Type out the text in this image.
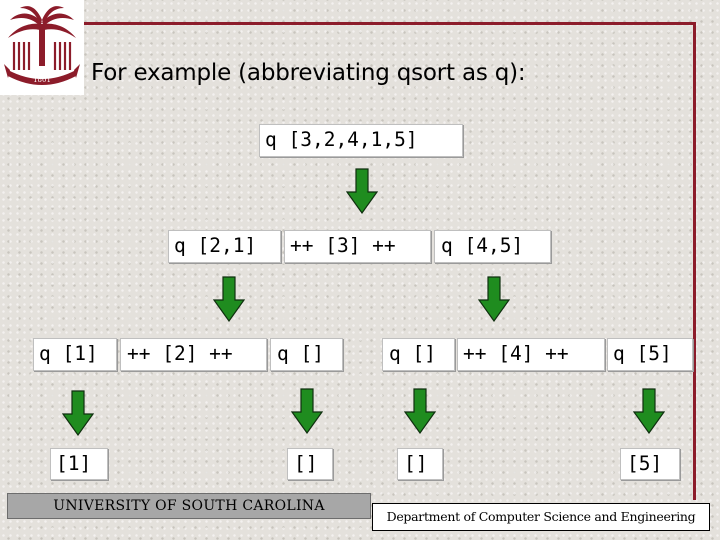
1801 For example (abbreviating qsort as q):
q [3,2,4,1,5]
q [2,1] ++ [3] ++ q [4,5]
q [1] ++ [2] ++ q []	q [] ++ [4] ++ q [5]
[1]	[]	[]	[5]
UNIVERSITY OF SOUTH CAROLINA
Department of Computer Science and Engineering
